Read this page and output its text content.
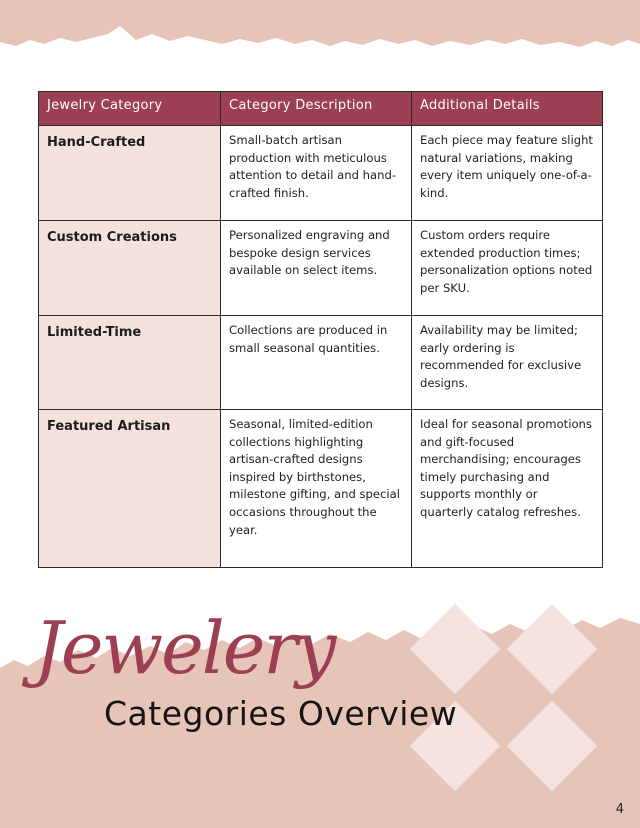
Jewelry Category	Category Description	Additional Details
Hand-Crafted	Small-batch artisan production with meticulous attention to detail and hand-crafted finish.	Each piece may feature slight natural variations, making every item uniquely one-of-a-kind.
Custom Creations	Personalized engraving and bespoke design services available on select items.	Custom orders require extended production times; personalization options noted per SKU.
Limited-Time	Collections are produced in small seasonal quantities.	Availability may be limited; early ordering is recommended for exclusive designs.
Featured Artisan	Seasonal, limited-edition collections highlighting artisan-crafted designs inspired by birthstones, milestone gifting, and special occasions throughout the year.	Ideal for seasonal promotions and gift-focused merchandising; encourages timely purchasing and supports monthly or quarterly catalog refreshes.
Jewelery
Categories Overview
4
